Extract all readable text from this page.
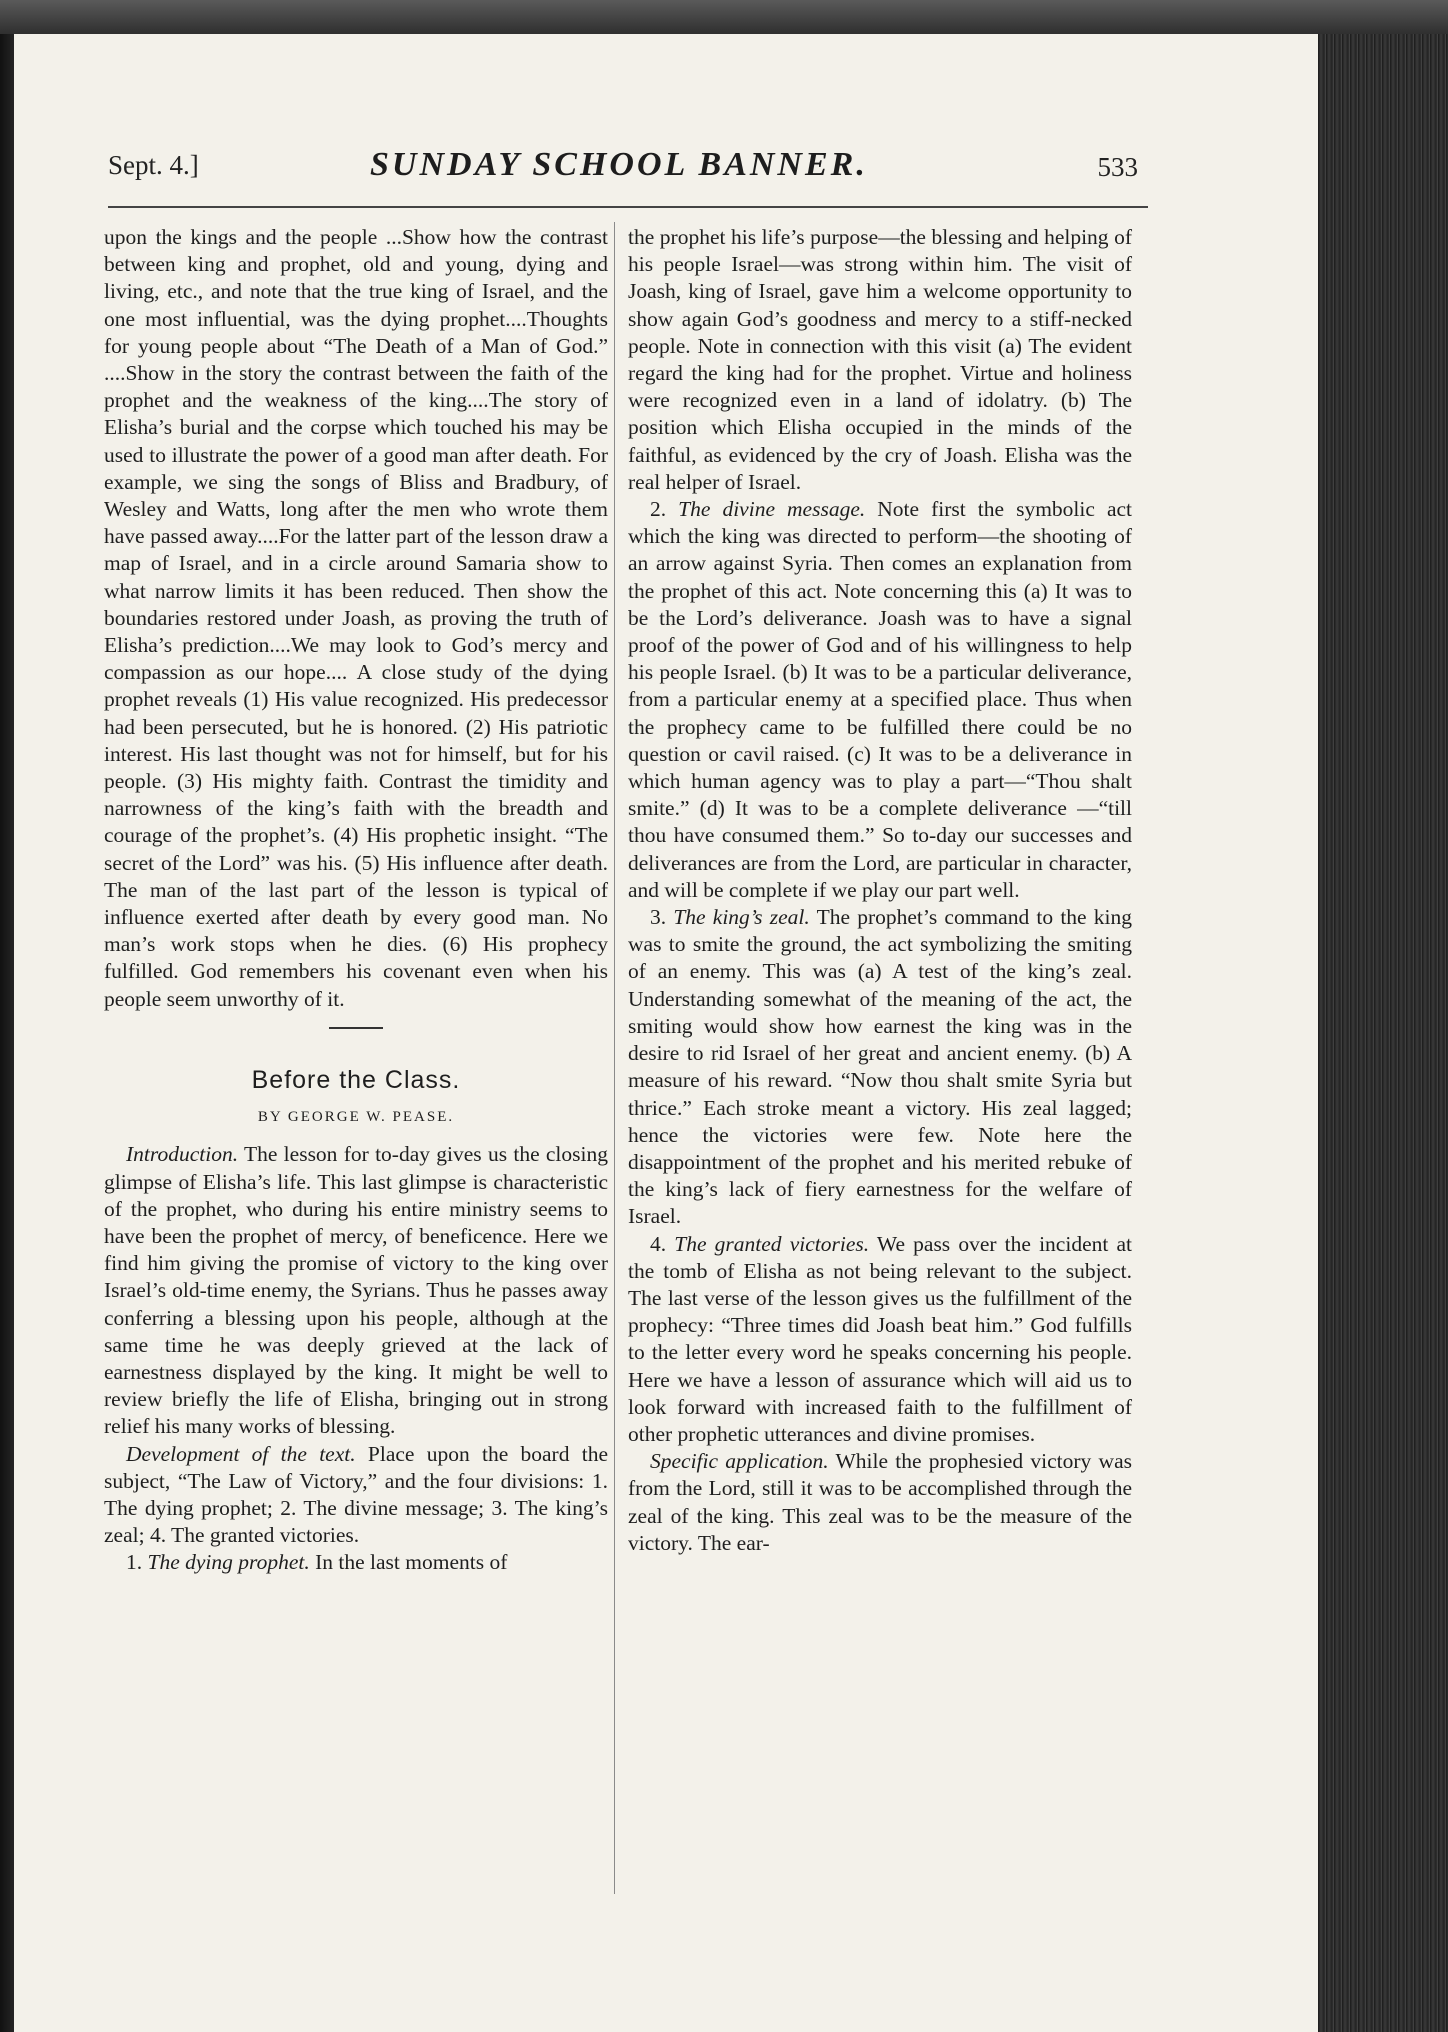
Sept. 4.]	SUNDAY SCHOOL BANNER.	533

upon the kings and the people ...Show how the contrast between king and prophet, old and young, dying and living, etc., and note that the true king of Israel, and the one most influential, was the dying prophet....Thoughts for young people about “The Death of a Man of God.” ....Show in the story the contrast between the faith of the prophet and the weakness of the king....The story of Elisha’s burial and the corpse which touched his may be used to illustrate the power of a good man after death. For example, we sing the songs of Bliss and Bradbury, of Wesley and Watts, long after the men who wrote them have passed away....For the latter part of the lesson draw a map of Israel, and in a circle around Samaria show to what narrow limits it has been reduced. Then show the boundaries restored under Joash, as proving the truth of Elisha’s prediction....We may look to God’s mercy and compassion as our hope.... A close study of the dying prophet reveals (1) His value recognized. His predecessor had been persecuted, but he is honored. (2) His patriotic interest. His last thought was not for himself, but for his people. (3) His mighty faith. Contrast the timidity and narrowness of the king’s faith with the breadth and courage of the prophet’s. (4) His prophetic insight. “The secret of the Lord” was his. (5) His influence after death. The man of the last part of the lesson is typical of influence exerted after death by every good man. No man’s work stops when he dies. (6) His prophecy fulfilled. God remembers his covenant even when his people seem unworthy of it.

Before the Class.
BY GEORGE W. PEASE.

Introduction. The lesson for to-day gives us the closing glimpse of Elisha’s life. This last glimpse is characteristic of the prophet, who during his entire ministry seems to have been the prophet of mercy, of beneficence. Here we find him giving the promise of victory to the king over Israel’s old-time enemy, the Syrians. Thus he passes away conferring a blessing upon his people, although at the same time he was deeply grieved at the lack of earnestness displayed by the king. It might be well to review briefly the life of Elisha, bringing out in strong relief his many works of blessing.

Development of the text. Place upon the board the subject, “The Law of Victory,” and the four divisions: 1. The dying prophet; 2. The divine message; 3. The king’s zeal; 4. The granted victories.

1. The dying prophet. In the last moments of

the prophet his life’s purpose—the blessing and helping of his people Israel—was strong within him. The visit of Joash, king of Israel, gave him a welcome opportunity to show again God’s goodness and mercy to a stiff-necked people. Note in connection with this visit (a) The evident regard the king had for the prophet. Virtue and holiness were recognized even in a land of idolatry. (b) The position which Elisha occupied in the minds of the faithful, as evidenced by the cry of Joash. Elisha was the real helper of Israel.

2. The divine message. Note first the symbolic act which the king was directed to perform—the shooting of an arrow against Syria. Then comes an explanation from the prophet of this act. Note concerning this (a) It was to be the Lord’s deliverance. Joash was to have a signal proof of the power of God and of his willingness to help his people Israel. (b) It was to be a particular deliverance, from a particular enemy at a specified place. Thus when the prophecy came to be fulfilled there could be no question or cavil raised. (c) It was to be a deliverance in which human agency was to play a part—“Thou shalt smite.” (d) It was to be a complete deliverance —“till thou have consumed them.” So to-day our successes and deliverances are from the Lord, are particular in character, and will be complete if we play our part well.

3. The king’s zeal. The prophet’s command to the king was to smite the ground, the act symbolizing the smiting of an enemy. This was (a) A test of the king’s zeal. Understanding somewhat of the meaning of the act, the smiting would show how earnest the king was in the desire to rid Israel of her great and ancient enemy. (b) A measure of his reward. “Now thou shalt smite Syria but thrice.” Each stroke meant a victory. His zeal lagged; hence the victories were few. Note here the disappointment of the prophet and his merited rebuke of the king’s lack of fiery earnestness for the welfare of Israel.

4. The granted victories. We pass over the incident at the tomb of Elisha as not being relevant to the subject. The last verse of the lesson gives us the fulfillment of the prophecy: “Three times did Joash beat him.” God fulfills to the letter every word he speaks concerning his people. Here we have a lesson of assurance which will aid us to look forward with increased faith to the fulfillment of other prophetic utterances and divine promises.

Specific application. While the prophesied victory was from the Lord, still it was to be accomplished through the zeal of the king. This zeal was to be the measure of the victory. The ear-
